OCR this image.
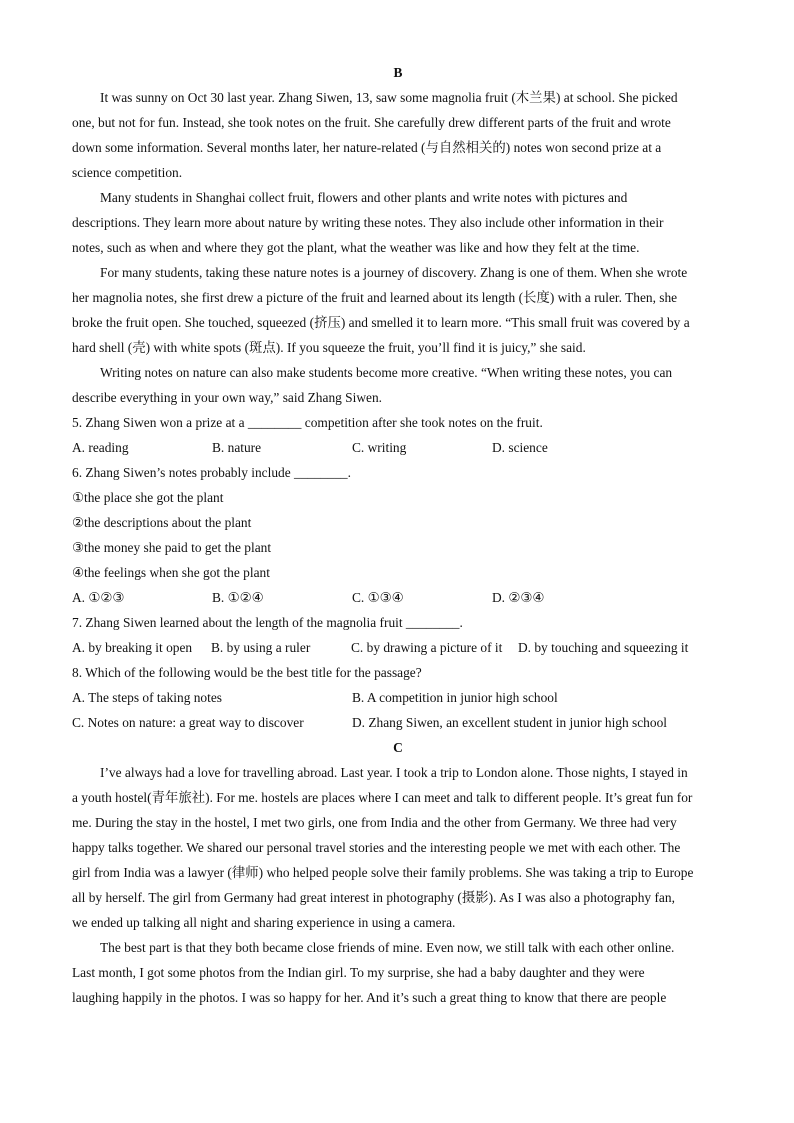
B
It was sunny on Oct 30 last year. Zhang Siwen, 13, saw some magnolia fruit (木兰果) at school. She picked
one, but not for fun. Instead, she took notes on the fruit. She carefully drew different parts of the fruit and wrote
down some information. Several months later, her nature-related (与自然相关的) notes won second prize at a
science competition.
Many students in Shanghai collect fruit, flowers and other plants and write notes with pictures and
descriptions. They learn more about nature by writing these notes. They also include other information in their
notes, such as when and where they got the plant, what the weather was like and how they felt at the time.
For many students, taking these nature notes is a journey of discovery. Zhang is one of them. When she wrote
her magnolia notes, she first drew a picture of the fruit and learned about its length (长度) with a ruler. Then, she
broke the fruit open. She touched, squeezed (挤压) and smelled it to learn more. “This small fruit was covered by a
hard shell (壳) with white spots (斑点). If you squeeze the fruit, you’ll find it is juicy,” she said.
Writing notes on nature can also make students become more creative. “When writing these notes, you can
describe everything in your own way,” said Zhang Siwen.
5. Zhang Siwen won a prize at a ________ competition after she took notes on the fruit.
A. reading	B. nature	C. writing	D. science
6. Zhang Siwen’s notes probably include ________.
①the place she got the plant
②the descriptions about the plant
③the money she paid to get the plant
④the feelings when she got the plant
A. ①②③	B. ①②④	C. ①③④	D. ②③④
7. Zhang Siwen learned about the length of the magnolia fruit ________.
A. by breaking it open	B. by using a ruler	C. by drawing a picture of it	D. by touching and squeezing it
8. Which of the following would be the best title for the passage?
A. The steps of taking notes	B. A competition in junior high school
C. Notes on nature: a great way to discover	D. Zhang Siwen, an excellent student in junior high school
C
I’ve always had a love for travelling abroad. Last year. I took a trip to London alone. Those nights, I stayed in
a youth hostel(青年旅社). For me. hostels are places where I can meet and talk to different people. It’s great fun for
me. During the stay in the hostel, I met two girls, one from India and the other from Germany. We three had very
happy talks together. We shared our personal travel stories and the interesting people we met with each other. The
girl from India was a lawyer (律师) who helped people solve their family problems. She was taking a trip to Europe
all by herself. The girl from Germany had great interest in photography (摄影). As I was also a photography fan,
we ended up talking all night and sharing experience in using a camera.
The best part is that they both became close friends of mine. Even now, we still talk with each other online.
Last month, I got some photos from the Indian girl. To my surprise, she had a baby daughter and they were
laughing happily in the photos. I was so happy for her. And it’s such a great thing to know that there are people
